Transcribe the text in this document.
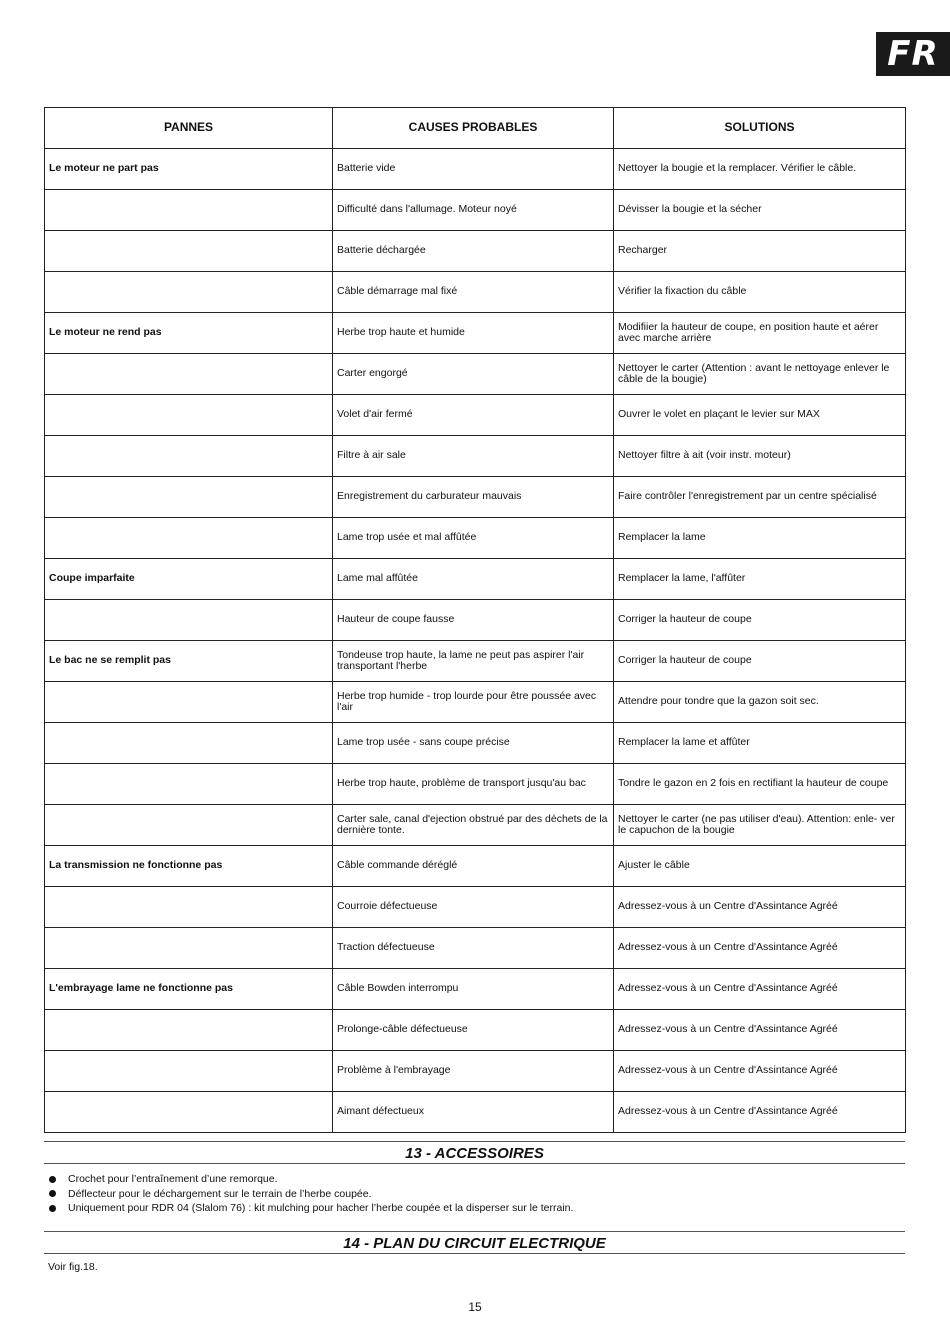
FR
PANNES	CAUSES PROBABLES	SOLUTIONS
Le moteur ne part pas	Batterie vide	Nettoyer la bougie et la remplacer. Vérifier le câble.
	Difficulté dans l'allumage. Moteur noyé	Dévisser la bougie et la sécher
	Batterie déchargée	Recharger
	Câble démarrage mal fixé	Vérifier la fixaction du câble
Le moteur ne rend pas	Herbe trop haute et humide	Modifiier la hauteur de coupe, en position haute et aérer avec marche arrière
	Carter engorgé	Nettoyer le carter (Attention : avant le nettoyage enlever le câble de la bougie)
	Volet d'air fermé	Ouvrer le volet en plaçant le levier sur MAX
	Filtre à air sale	Nettoyer filtre à ait (voir instr. moteur)
	Enregistrement du carburateur mauvais	Faire contrôler l'enregistrement par un centre spécialisé
	Lame trop usée et mal affûtée	Remplacer la lame
Coupe imparfaite	Lame mal affûtée	Remplacer la lame, l'affûter
	Hauteur de coupe fausse	Corriger la hauteur de coupe
Le bac ne se remplit pas	Tondeuse trop haute, la lame ne peut pas aspirer l'air transportant l'herbe	Corriger la hauteur de coupe
	Herbe trop humide - trop lourde pour être poussée avec l'air	Attendre pour tondre que la gazon soit sec.
	Lame trop usée - sans coupe précise	Remplacer la lame et affûter
	Herbe trop haute, problème de transport jusqu'au bac	Tondre le gazon en 2 fois en rectifiant la hauteur de coupe
	Carter sale, canal d'ejection obstrué par des déchets de la dernière tonte.	Nettoyer le carter (ne pas utiliser d'eau). Attention: enle- ver le capuchon de la bougie
La transmission ne fonctionne pas	Câble commande déréglé	Ajuster le câble
	Courroie défectueuse	Adressez-vous à un Centre d'Assintance Agréé
	Traction défectueuse	Adressez-vous à un Centre d'Assintance Agréé
L'embrayage lame ne fonctionne pas	Câble Bowden interrompu	Adressez-vous à un Centre d'Assintance Agréé
	Prolonge-câble défectueuse	Adressez-vous à un Centre d'Assintance Agréé
	Problème à l'embrayage	Adressez-vous à un Centre d'Assintance Agréé
	Aimant défectueux	Adressez-vous à un Centre d'Assintance Agréé
13 - ACCESSOIRES
Crochet pour l’entraînement d’une remorque.
Déflecteur pour le déchargement sur le terrain de l’herbe coupée.
Uniquement pour RDR 04 (Slalom 76) : kit mulching pour hacher l’herbe coupée et la disperser sur le terrain.
14 - PLAN DU CIRCUIT ELECTRIQUE
Voir fig.18.
15
